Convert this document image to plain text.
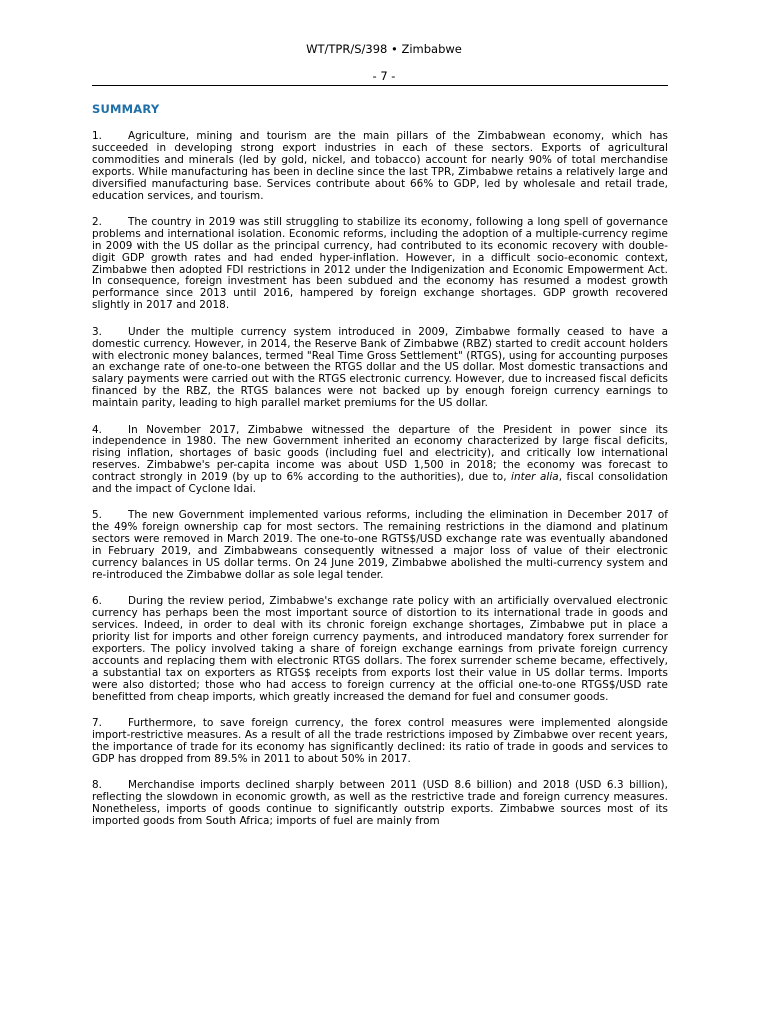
WT/TPR/S/398 • Zimbabwe
- 7 -
SUMMARY

1. Agriculture, mining and tourism are the main pillars of the Zimbabwean economy, which has succeeded in developing strong export industries in each of these sectors. Exports of agricultural commodities and minerals (led by gold, nickel, and tobacco) account for nearly 90% of total merchandise exports. While manufacturing has been in decline since the last TPR, Zimbabwe retains a relatively large and diversified manufacturing base. Services contribute about 66% to GDP, led by wholesale and retail trade, education services, and tourism.

2. The country in 2019 was still struggling to stabilize its economy, following a long spell of governance problems and international isolation. Economic reforms, including the adoption of a multiple-currency regime in 2009 with the US dollar as the principal currency, had contributed to its economic recovery with double-digit GDP growth rates and had ended hyper-inflation. However, in a difficult socio-economic context, Zimbabwe then adopted FDI restrictions in 2012 under the Indigenization and Economic Empowerment Act. In consequence, foreign investment has been subdued and the economy has resumed a modest growth performance since 2013 until 2016, hampered by foreign exchange shortages. GDP growth recovered slightly in 2017 and 2018.

3. Under the multiple currency system introduced in 2009, Zimbabwe formally ceased to have a domestic currency. However, in 2014, the Reserve Bank of Zimbabwe (RBZ) started to credit account holders with electronic money balances, termed "Real Time Gross Settlement" (RTGS), using for accounting purposes an exchange rate of one-to-one between the RTGS dollar and the US dollar. Most domestic transactions and salary payments were carried out with the RTGS electronic currency. However, due to increased fiscal deficits financed by the RBZ, the RTGS balances were not backed up by enough foreign currency earnings to maintain parity, leading to high parallel market premiums for the US dollar.

4. In November 2017, Zimbabwe witnessed the departure of the President in power since its independence in 1980. The new Government inherited an economy characterized by large fiscal deficits, rising inflation, shortages of basic goods (including fuel and electricity), and critically low international reserves. Zimbabwe's per-capita income was about USD 1,500 in 2018; the economy was forecast to contract strongly in 2019 (by up to 6% according to the authorities), due to, inter alia, fiscal consolidation and the impact of Cyclone Idai.

5. The new Government implemented various reforms, including the elimination in December 2017 of the 49% foreign ownership cap for most sectors. The remaining restrictions in the diamond and platinum sectors were removed in March 2019. The one-to-one RGTS$/USD exchange rate was eventually abandoned in February 2019, and Zimbabweans consequently witnessed a major loss of value of their electronic currency balances in US dollar terms. On 24 June 2019, Zimbabwe abolished the multi-currency system and re-introduced the Zimbabwe dollar as sole legal tender.

6. During the review period, Zimbabwe's exchange rate policy with an artificially overvalued electronic currency has perhaps been the most important source of distortion to its international trade in goods and services. Indeed, in order to deal with its chronic foreign exchange shortages, Zimbabwe put in place a priority list for imports and other foreign currency payments, and introduced mandatory forex surrender for exporters. The policy involved taking a share of foreign exchange earnings from private foreign currency accounts and replacing them with electronic RTGS dollars. The forex surrender scheme became, effectively, a substantial tax on exporters as RTGS$ receipts from exports lost their value in US dollar terms. Imports were also distorted; those who had access to foreign currency at the official one-to-one RTGS$/USD rate benefitted from cheap imports, which greatly increased the demand for fuel and consumer goods.

7. Furthermore, to save foreign currency, the forex control measures were implemented alongside import-restrictive measures. As a result of all the trade restrictions imposed by Zimbabwe over recent years, the importance of trade for its economy has significantly declined: its ratio of trade in goods and services to GDP has dropped from 89.5% in 2011 to about 50% in 2017.

8. Merchandise imports declined sharply between 2011 (USD 8.6 billion) and 2018 (USD 6.3 billion), reflecting the slowdown in economic growth, as well as the restrictive trade and foreign currency measures. Nonetheless, imports of goods continue to significantly outstrip exports. Zimbabwe sources most of its imported goods from South Africa; imports of fuel are mainly from
